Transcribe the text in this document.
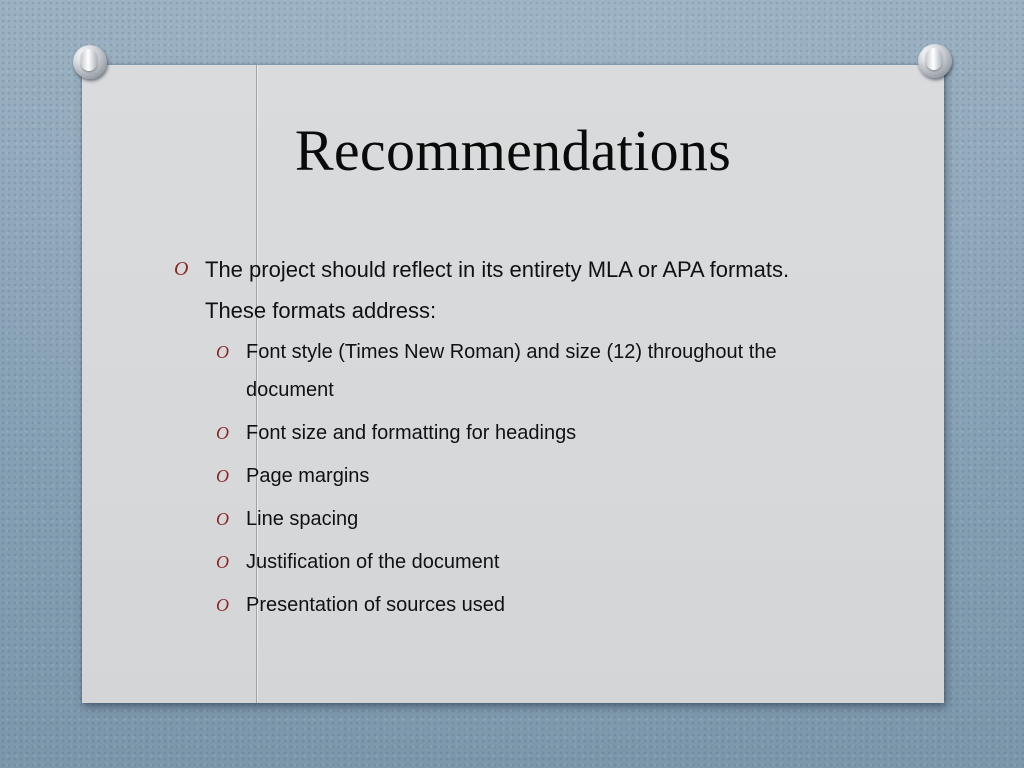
Recommendations
O The project should reflect in its entirety MLA or APA formats. These formats address:
O Font style (Times New Roman) and size (12) throughout the document
O Font size and formatting for headings
O Page margins
O Line spacing
O Justification of the document
O Presentation of sources used
